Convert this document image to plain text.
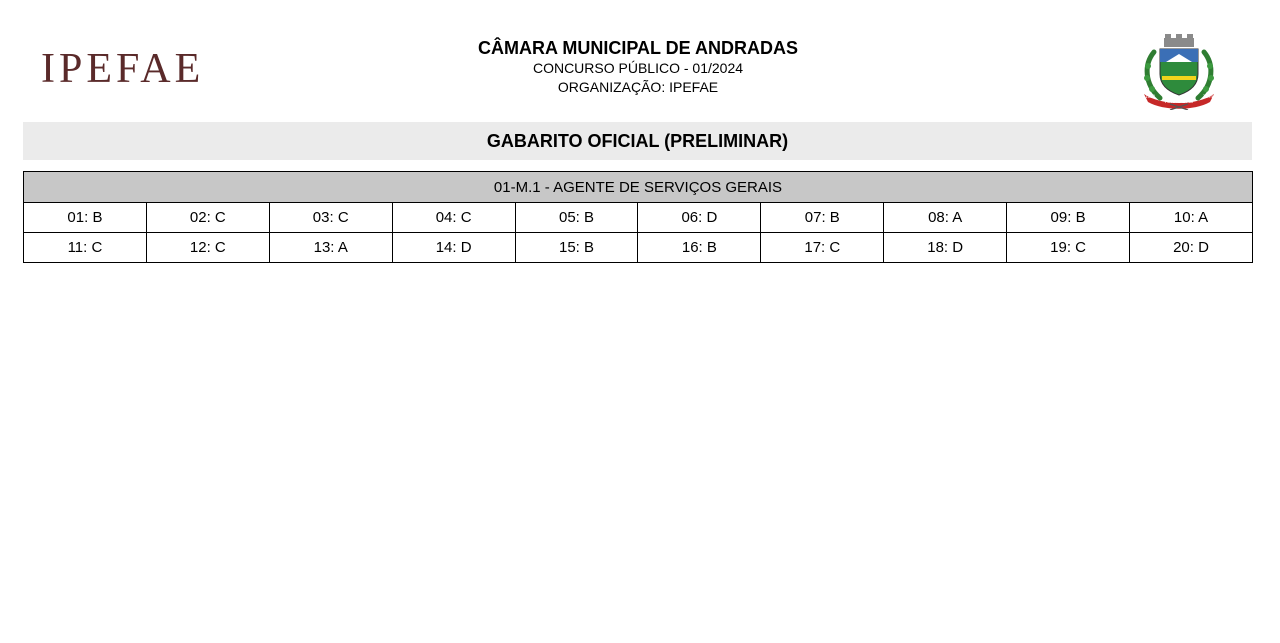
IPEFAE	CÂMARA MUNICIPAL DE ANDRADAS
CONCURSO PÚBLICO - 01/2024
ORGANIZAÇÃO: IPEFAE
ANDRADAS
1888	1894
GABARITO OFICIAL (PRELIMINAR)
01-M.1 - AGENTE DE SERVIÇOS GERAIS									
01: B	02: C	03: C	04: C	05: B	06: D	07: B	08: A	09: B	10: A
11: C	12: C	13: A	14: D	15: B	16: B	17: C	18: D	19: C	20: D
